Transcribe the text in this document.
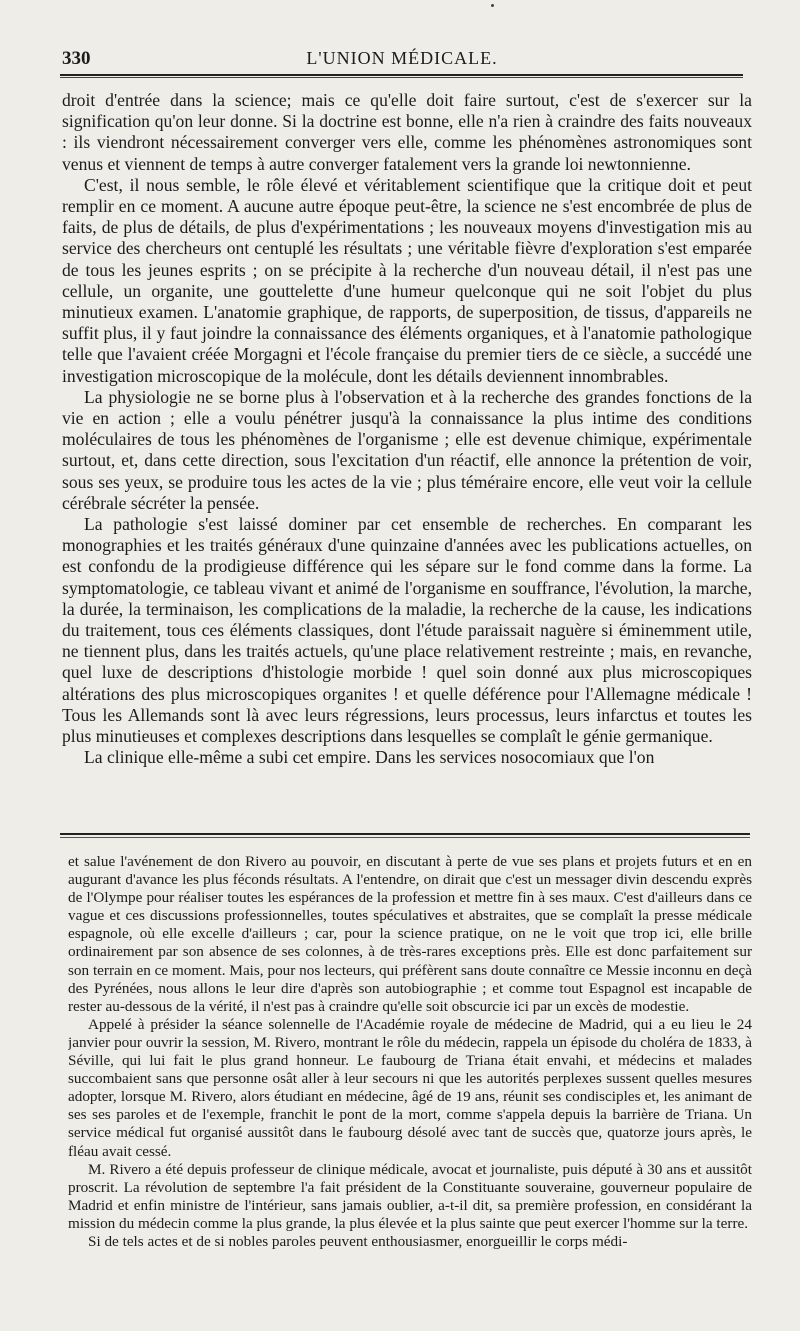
330	L'UNION MÉDICALE.

droit d'entrée dans la science; mais ce qu'elle doit faire surtout, c'est de s'exercer sur la signification qu'on leur donne. Si la doctrine est bonne, elle n'a rien à craindre des faits nouveaux : ils viendront nécessairement converger vers elle, comme les phénomènes astronomiques sont venus et viennent de temps à autre converger fatalement vers la grande loi newtonnienne.

C'est, il nous semble, le rôle élevé et véritablement scientifique que la critique doit et peut remplir en ce moment. A aucune autre époque peut-être, la science ne s'est encombrée de plus de faits, de plus de détails, de plus d'expérimentations ; les nouveaux moyens d'investigation mis au service des chercheurs ont centuplé les résultats ; une véritable fièvre d'exploration s'est emparée de tous les jeunes esprits ; on se précipite à la recherche d'un nouveau détail, il n'est pas une cellule, un organite, une gouttelette d'une humeur quelconque qui ne soit l'objet du plus minutieux examen. L'anatomie graphique, de rapports, de superposition, de tissus, d'appareils ne suffit plus, il y faut joindre la connaissance des éléments organiques, et à l'anatomie pathologique telle que l'avaient créée Morgagni et l'école française du premier tiers de ce siècle, a succédé une investigation microscopique de la molécule, dont les détails deviennent innombrables.

La physiologie ne se borne plus à l'observation et à la recherche des grandes fonctions de la vie en action ; elle a voulu pénétrer jusqu'à la connaissance la plus intime des conditions moléculaires de tous les phénomènes de l'organisme ; elle est devenue chimique, expérimentale surtout, et, dans cette direction, sous l'excitation d'un réactif, elle annonce la prétention de voir, sous ses yeux, se produire tous les actes de la vie ; plus téméraire encore, elle veut voir la cellule cérébrale sécréter la pensée.

La pathologie s'est laissé dominer par cet ensemble de recherches. En comparant les monographies et les traités généraux d'une quinzaine d'années avec les publications actuelles, on est confondu de la prodigieuse différence qui les sépare sur le fond comme dans la forme. La symptomatologie, ce tableau vivant et animé de l'organisme en souffrance, l'évolution, la marche, la durée, la terminaison, les complications de la maladie, la recherche de la cause, les indications du traitement, tous ces éléments classiques, dont l'étude paraissait naguère si éminemment utile, ne tiennent plus, dans les traités actuels, qu'une place relativement restreinte ; mais, en revanche, quel luxe de descriptions d'histologie morbide ! quel soin donné aux plus microscopiques altérations des plus microscopiques organites ! et quelle déférence pour l'Allemagne médicale ! Tous les Allemands sont là avec leurs régressions, leurs processus, leurs infarctus et toutes les plus minutieuses et complexes descriptions dans lesquelles se complaît le génie germanique.

La clinique elle-même a subi cet empire. Dans les services nosocomiaux que l'on

et salue l'avénement de don Rivero au pouvoir, en discutant à perte de vue ses plans et projets futurs et en en augurant d'avance les plus féconds résultats. A l'entendre, on dirait que c'est un messager divin descendu exprès de l'Olympe pour réaliser toutes les espérances de la profession et mettre fin à ses maux. C'est d'ailleurs dans ce vague et ces discussions professionnelles, toutes spéculatives et abstraites, que se complaît la presse médicale espagnole, où elle excelle d'ailleurs ; car, pour la science pratique, on ne le voit que trop ici, elle brille ordinairement par son absence de ses colonnes, à de très-rares exceptions près. Elle est donc parfaitement sur son terrain en ce moment. Mais, pour nos lecteurs, qui préfèrent sans doute connaître ce Messie inconnu en deçà des Pyrénées, nous allons le leur dire d'après son autobiographie ; et comme tout Espagnol est incapable de rester au-dessous de la vérité, il n'est pas à craindre qu'elle soit obscurcie ici par un excès de modestie.

Appelé à présider la séance solennelle de l'Académie royale de médecine de Madrid, qui a eu lieu le 24 janvier pour ouvrir la session, M. Rivero, montrant le rôle du médecin, rappela un épisode du choléra de 1833, à Séville, qui lui fait le plus grand honneur. Le faubourg de Triana était envahi, et médecins et malades succombaient sans que personne osât aller à leur secours ni que les autorités perplexes sussent quelles mesures adopter, lorsque M. Rivero, alors étudiant en médecine, âgé de 19 ans, réunit ses condisciples et, les animant de ses ses paroles et de l'exemple, franchit le pont de la mort, comme s'appela depuis la barrière de Triana. Un service médical fut organisé aussitôt dans le faubourg désolé avec tant de succès que, quatorze jours après, le fléau avait cessé.

M. Rivero a été depuis professeur de clinique médicale, avocat et journaliste, puis député à 30 ans et aussitôt proscrit. La révolution de septembre l'a fait président de la Constituante souveraine, gouverneur populaire de Madrid et enfin ministre de l'intérieur, sans jamais oublier, a-t-il dit, sa première profession, en considérant la mission du médecin comme la plus grande, la plus élevée et la plus sainte que peut exercer l'homme sur la terre.

Si de tels actes et de si nobles paroles peuvent enthousiasmer, enorgueillir le corps médi-
